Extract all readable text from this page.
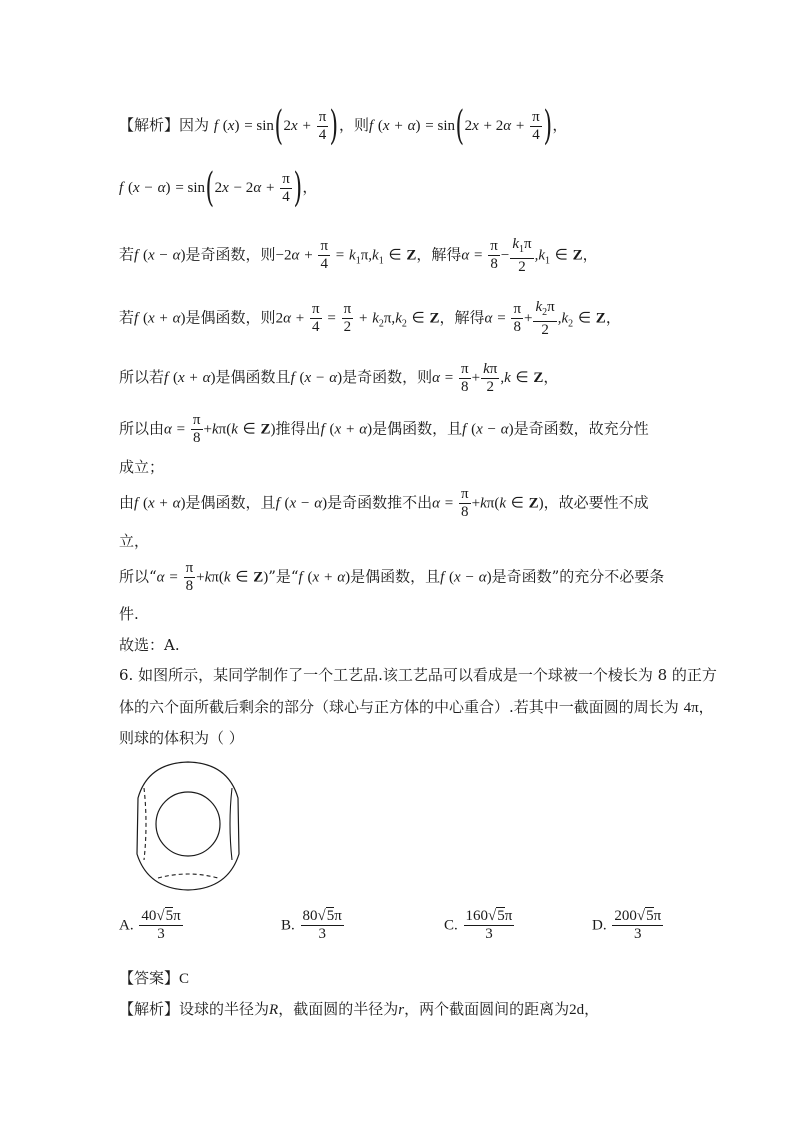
【解析】因为 f $(x) = \sin(2x + \frac{\pi}{4}$ )，则f $(x + \alpha) = \sin(2x + 2\alpha + \frac{\pi}{4}$ )，
f $(x - \alpha) = \sin(2x - 2\alpha + \frac{\pi}{4}$ )，
若f (x − α)是奇函数，则$-2\alpha + \frac{\pi}{4} = k_1\pi,k_1$ ∈ Z，解得$\alpha = \frac{\pi}{8} - \frac{k_1\pi}{2} ,k_1$ ∈ Z，
若f (x + α)是偶函数，则$2\alpha + \frac{\pi}{4} = \frac{\pi}{2} + k_2\pi,k_2$ ∈ Z，解得$\alpha = \frac{\pi}{8} + \frac{k_2\pi}{2} ,k_2$ ∈ Z，
所以若f (x + α)是偶函数且f (x − α)是奇函数，则$\alpha = \frac{\pi}{8} + \frac{k\pi}{2} ,k$ ∈ Z，
所以由$\alpha = \frac{\pi}{8} +k\pi(k$ ∈ Z)推得出f (x + α)是偶函数，且f (x − α)是奇函数，故充分性
成立；
由f (x + α)是偶函数，且f (x − α)是奇函数推不出$\alpha = \frac{\pi}{8} +k\pi(k$ ∈ Z)，故必要性不成
立，
所以“$\alpha = \frac{\pi}{8} +k\pi(k$ ∈ Z)”是“f (x + α)是偶函数，且f (x − α)是奇函数”的充分不必要条
件.
故选：A.
6. 如图所示，某同学制作了一个工艺品.该工艺品可以看成是一个球被一个棱长为 8 的正方
体的六个面所截后剩余的部分（球心与正方体的中心重合）.若其中一截面圆的周长为 4π，
则球的体积为（ ）
A. $\frac{40√5\pi}{3}$	B. $\frac{80√5\pi}{3}$	C. $\frac{160√5\pi}{3}$	D. $\frac{200√5\pi}{3}$
【答案】C
【解析】设球的半径为R，截面圆的半径为r，两个截面圆间的距离为2d，
